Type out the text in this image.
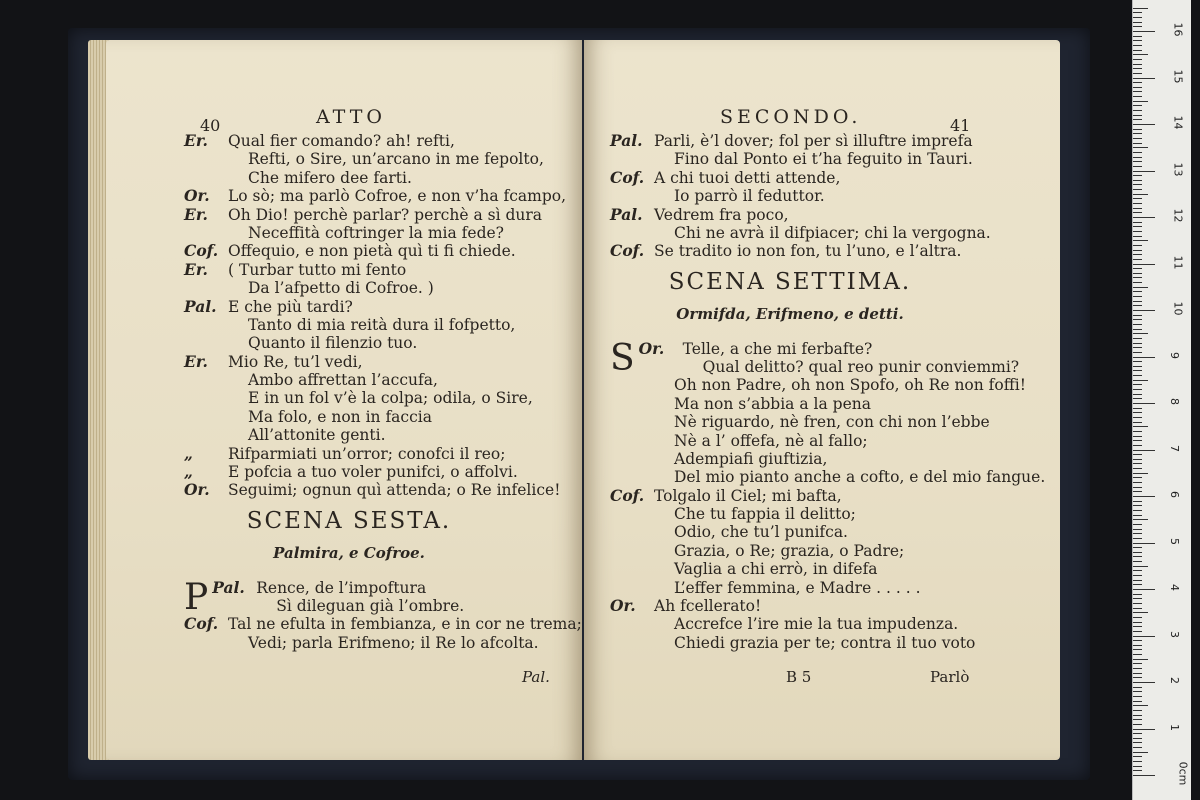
40	ATTO
Er. Qual fier comando? ah! refti,
Refti, o Sire, un’arcano in me fepolto,
Che mifero dee farti.
Or. Lo sò; ma parlò Cofroe, e non v’ha fcampo,
Er. Oh Dio! perchè parlar? perchè a sì dura
Neceffità coftringer la mia fede?
Cof. Offequio, e non pietà quì ti fi chiede.
Er. ( Turbar tutto mi fento
Da l’afpetto di Cofroe. )
Pal. E che più tardi?
Tanto di mia reità dura il fofpetto,
Quanto il filenzio tuo.
Er. Mio Re, tu’l vedi,
Ambo affrettan l’accufa,
E in un fol v’è la colpa; odila, o Sire,
Ma folo, e non in faccia
All’attonite genti.
„ Rifparmiati un’orror; conofci il reo;
„ E pofcia a tuo voler punifci, o affolvi.
Or. Seguimi; ognun quì attenda; o Re infelice!
SCENA SESTA.
Palmira, e Cofroe.
Pal.
P	Rence, de l’impoftura
Sì dileguan già l’ombre.
Cof. Tal ne efulta in fembianza, e in cor ne trema;
Vedi; parla Erifmeno; il Re lo afcolta.
Pal.
SECONDO.	41
Pal. Parli, è’l dover; fol per sì illuftre imprefa
Fino dal Ponto ei t’ha feguito in Tauri.
Cof. A chi tuoi detti attende,
Io parrò il feduttor.
Pal. Vedrem fra poco,
Chi ne avrà il difpiacer; chi la vergogna.
Cof. Se tradito io non fon, tu l’uno, e l’altra.
SCENA SETTIMA.
Ormifda, Erifmeno, e detti.
Or.
S	Telle, a che mi ferbafte?
Qual delitto? qual reo punir conviemmi?
Oh non Padre, oh non Spofo, oh Re non foffi!
Ma non s’abbia a la pena
Nè riguardo, nè fren, con chi non l’ebbe
Nè a l’ offefa, nè al fallo;
Adempiafi giuftizia,
Del mio pianto anche a cofto, e del mio fangue.
Cof. Tolgalo il Ciel; mi bafta,
Che tu fappia il delitto;
Odio, che tu’l punifca.
Grazia, o Re; grazia, o Padre;
Vaglia a chi errò, in difefa
L’effer femmina, e Madre . . . . .
Or. Ah fcellerato!
Accrefce l’ire mie la tua impudenza.
Chiedi grazia per te; contra il tuo voto
B 5	Parlò
0cm
1
2
3
4
5
6
7
8
9
10
11
12
13
14
15
16
